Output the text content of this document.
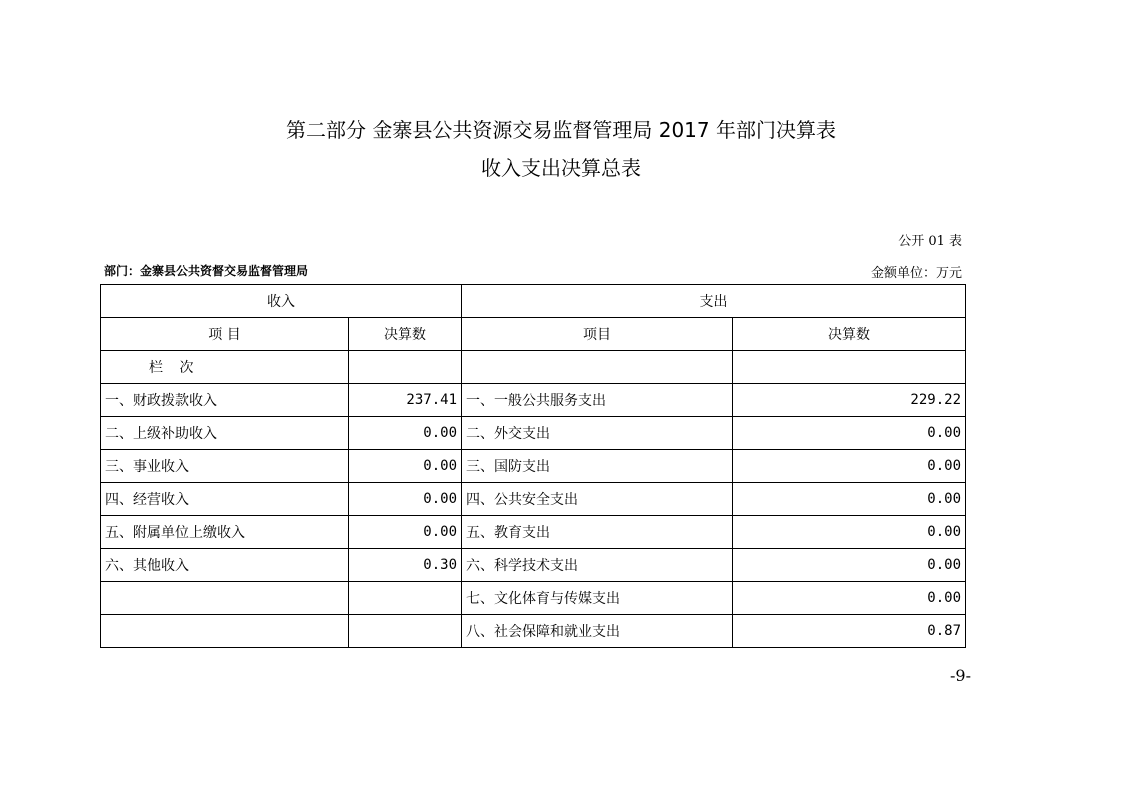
第二部分 金寨县公共资源交易监督管理局 2017 年部门决算表
收入支出决算总表
公开 01 表
部门：金寨县公共资督交易监督管理局	金额单位：万元
收入		支出	
项 目	决算数	项目	决算数
栏 次			
一、财政拨款收入	237.41	一、一般公共服务支出	229.22
二、上级补助收入	0.00	二、外交支出	0.00
三、事业收入	0.00	三、国防支出	0.00
四、经营收入	0.00	四、公共安全支出	0.00
五、附属单位上缴收入	0.00	五、教育支出	0.00
六、其他收入	0.30	六、科学技术支出	0.00
		七、文化体育与传媒支出	0.00
		八、社会保障和就业支出	0.87
-9-
